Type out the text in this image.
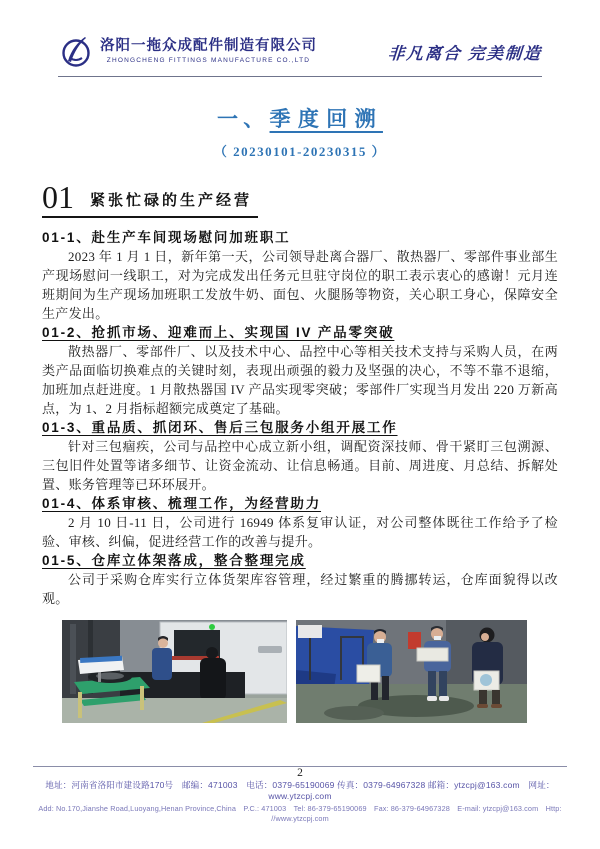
洛阳一拖众成配件制造有限公司
ZHONGCHENG FITTINGS MANUFACTURE CO.,LTD	非凡离合 完美制造
一、季度回溯
（ 20230101-20230315 ）
01 紧张忙碌的生产经营

01-1、赴生产车间现场慰问加班职工

2023 年 1 月 1 日，新年第一天，公司领导赴离合器厂、散热器厂、零部件事业部生产现场慰问一线职工，对为完成发出任务元旦驻守岗位的职工表示衷心的感谢！元月连班期间为生产现场加班职工发放牛奶、面包、火腿肠等物资，关心职工身心，保障安全生产发出。

01-2、抢抓市场、迎难而上、实现国 IV 产品零突破

散热器厂、零部件厂、以及技术中心、品控中心等相关技术支持与采购人员，在两类产品面临切换难点的关键时刻，表现出顽强的毅力及坚强的决心，不等不靠不退缩，加班加点赶进度。1 月散热器国 IV 产品实现零突破；零部件厂实现当月发出 220 万新高点，为 1、2 月指标超额完成奠定了基础。

01-3、重品质、抓闭环、售后三包服务小组开展工作

针对三包痼疾，公司与品控中心成立新小组，调配资深技师、骨干紧盯三包溯源、三包旧件处置等诸多细节、让资金流动、让信息畅通。目前、周进度、月总结、拆解处置、账务管理等已环环展开。

01-4、体系审核、梳理工作，为经营助力

2 月 10 日-11 日，公司进行 16949 体系复审认证，对公司整体既往工作给予了检验、审核、纠偏，促进经营工作的改善与提升。

01-5、仓库立体架落成，整合整理完成

公司于采购仓库实行立体货架库容管理，经过繁重的腾挪转运，仓库面貌得以改观。

2
地址：河南省洛阳市建设路170号　邮编：471003　电话：0379-65190069 传真：0379-64967328 邮箱：ytzcpj@163.com　网址：www.ytzcpj.com
Add: No.170,Jianshe Road,Luoyang,Henan Province,China　P.C.: 471003　Tel: 86-379-65190069　Fax: 86-379-64967328　E-mail: ytzcpj@163.com　Http: //www.ytzcpj.com
